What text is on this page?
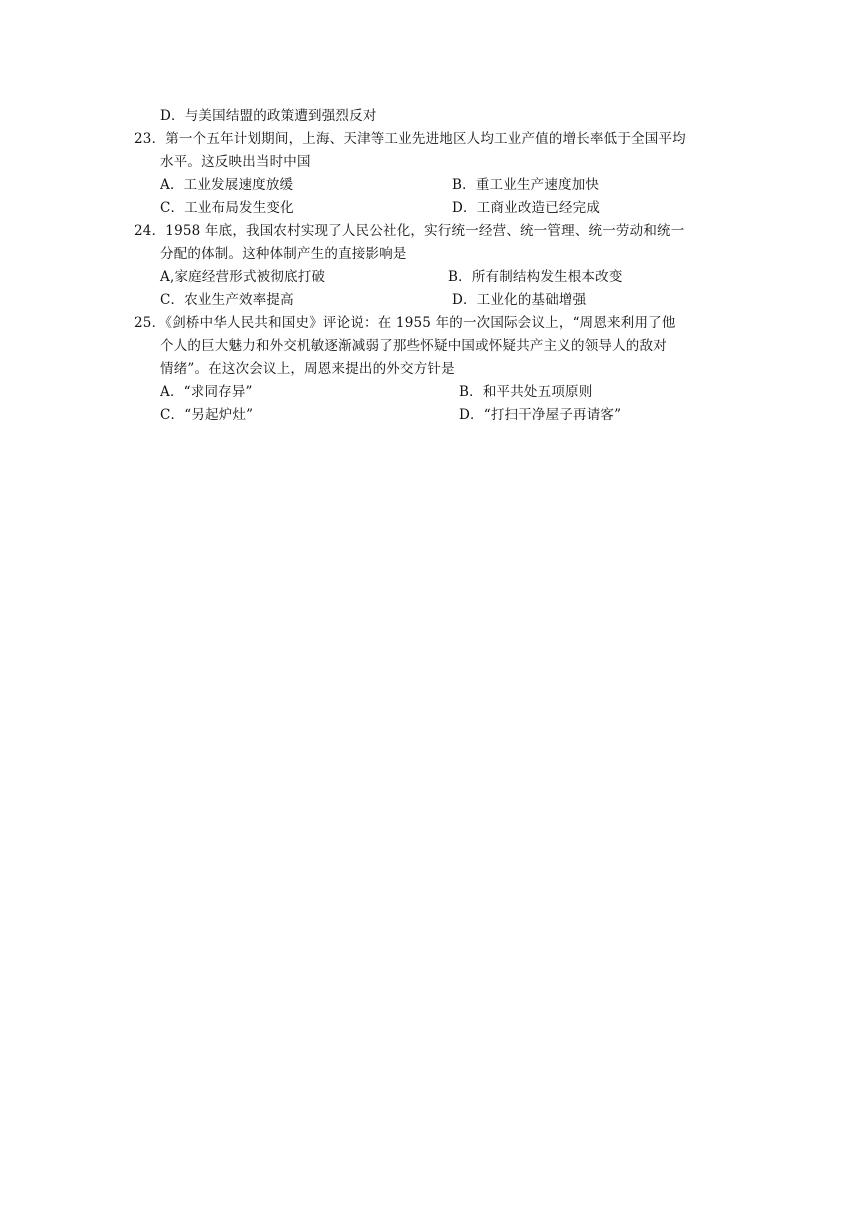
D．与美国结盟的政策遭到强烈反对
23．第一个五年计划期间，上海、天津等工业先进地区人均工业产值的增长率低于全国平均
水平。这反映出当时中国
A．工业发展速度放缓	B．重工业生产速度加快
C．工业布局发生变化	D．工商业改造已经完成
24．1958 年底，我国农村实现了人民公社化，实行统一经营、统一管理、统一劳动和统一
分配的体制。这种体制产生的直接影响是
A,家庭经营形式被彻底打破	B．所有制结构发生根本改变
C．农业生产效率提高	D．工业化的基础增强
25．《剑桥中华人民共和国史》评论说：在 1955 年的一次国际会议上，“周恩来利用了他
个人的巨大魅力和外交机敏逐渐减弱了那些怀疑中国或怀疑共产主义的领导人的敌对
情绪”。在这次会议上，周恩来提出的外交方针是
A．“求同存异”	B．和平共处五项原则
C．“另起炉灶”	D．“打扫干净屋子再请客”
